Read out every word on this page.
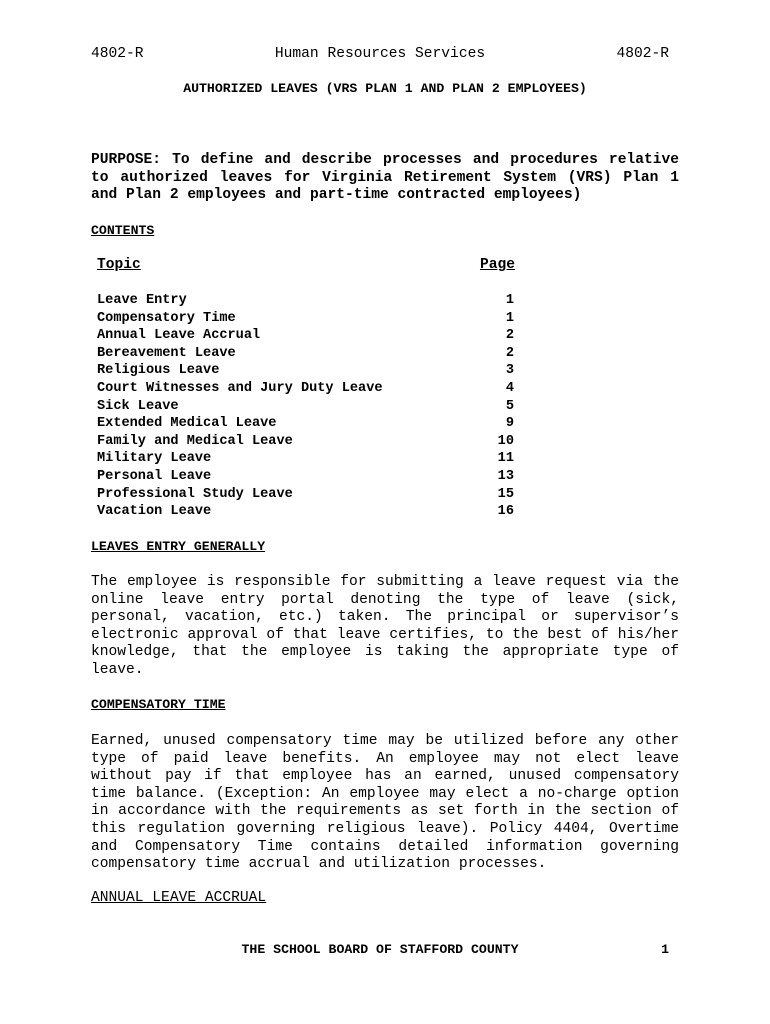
4802-R	Human Resources Services	4802-R
AUTHORIZED LEAVES (VRS PLAN 1 AND PLAN 2 EMPLOYEES)

PURPOSE: To define and describe processes and procedures relative to authorized leaves for Virginia Retirement System (VRS) Plan 1 and Plan 2 employees and part-time contracted employees)

CONTENTS

Topic	Page
Leave Entry	1
Compensatory Time	1
Annual Leave Accrual	2
Bereavement Leave	2
Religious Leave	3
Court Witnesses and Jury Duty Leave	4
Sick Leave	5
Extended Medical Leave	9
Family and Medical Leave	10
Military Leave	11
Personal Leave	13
Professional Study Leave	15
Vacation Leave	16

LEAVES ENTRY GENERALLY

The employee is responsible for submitting a leave request via the online leave entry portal denoting the type of leave (sick, personal, vacation, etc.) taken. The principal or supervisor’s electronic approval of that leave certifies, to the best of his/her knowledge, that the employee is taking the appropriate type of leave.

COMPENSATORY TIME

Earned, unused compensatory time may be utilized before any other type of paid leave benefits. An employee may not elect leave without pay if that employee has an earned, unused compensatory time balance. (Exception: An employee may elect a no-charge option in accordance with the requirements as set forth in the section of this regulation governing religious leave). Policy 4404, Overtime and Compensatory Time contains detailed information governing compensatory time accrual and utilization processes.

ANNUAL LEAVE ACCRUAL

THE SCHOOL BOARD OF STAFFORD COUNTY	1
